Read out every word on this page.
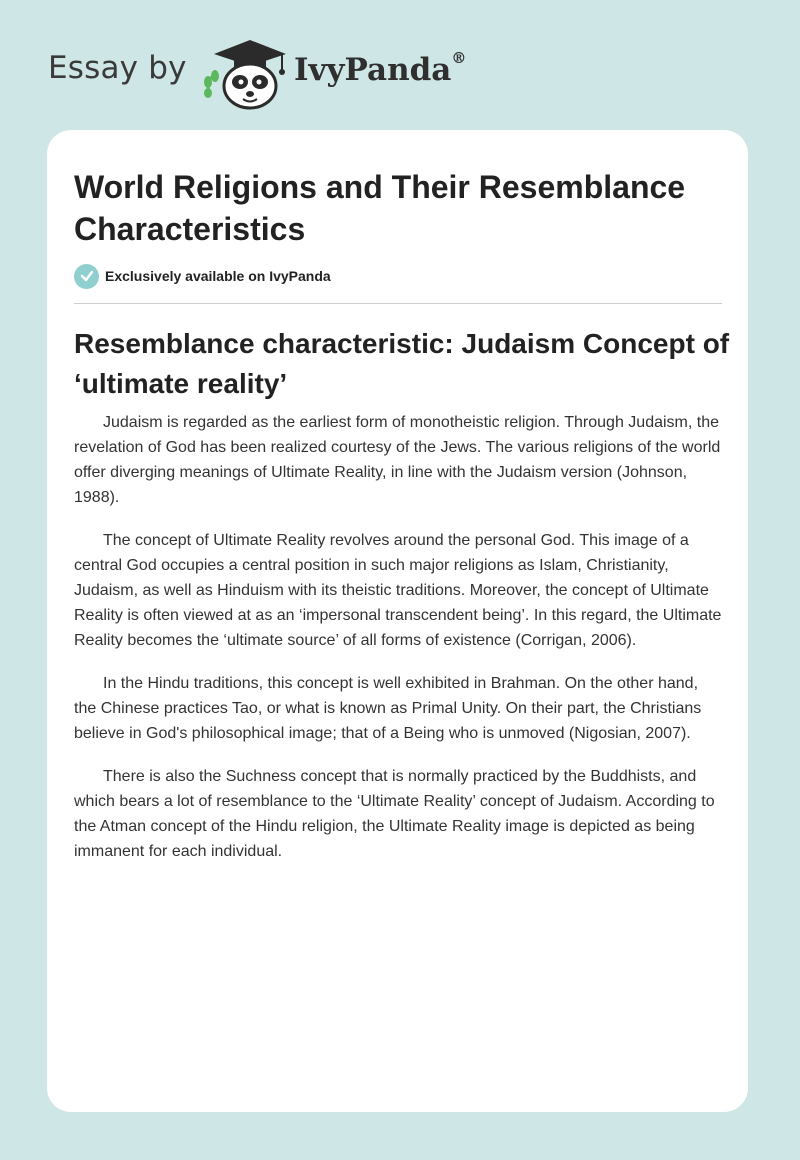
Essay by	IvyPanda®
World Religions and Their Resemblance Characteristics
Exclusively available on IvyPanda
Resemblance characteristic: Judaism Concept of ‘ultimate reality’

Judaism is regarded as the earliest form of monotheistic religion. Through Judaism, the revelation of God has been realized courtesy of the Jews. The various religions of the world offer diverging meanings of Ultimate Reality, in line with the Judaism version (Johnson, 1988).

The concept of Ultimate Reality revolves around the personal God. This image of a central God occupies a central position in such major religions as Islam, Christianity, Judaism, as well as Hinduism with its theistic traditions. Moreover, the concept of Ultimate Reality is often viewed at as an ‘impersonal transcendent being’. In this regard, the Ultimate Reality becomes the ‘ultimate source’ of all forms of existence (Corrigan, 2006).

In the Hindu traditions, this concept is well exhibited in Brahman. On the other hand, the Chinese practices Tao, or what is known as Primal Unity. On their part, the Christians believe in God's philosophical image; that of a Being who is unmoved (Nigosian, 2007).

There is also the Suchness concept that is normally practiced by the Buddhists, and which bears a lot of resemblance to the ‘Ultimate Reality’ concept of Judaism. According to the Atman concept of the Hindu religion, the Ultimate Reality image is depicted as being immanent for each individual.
